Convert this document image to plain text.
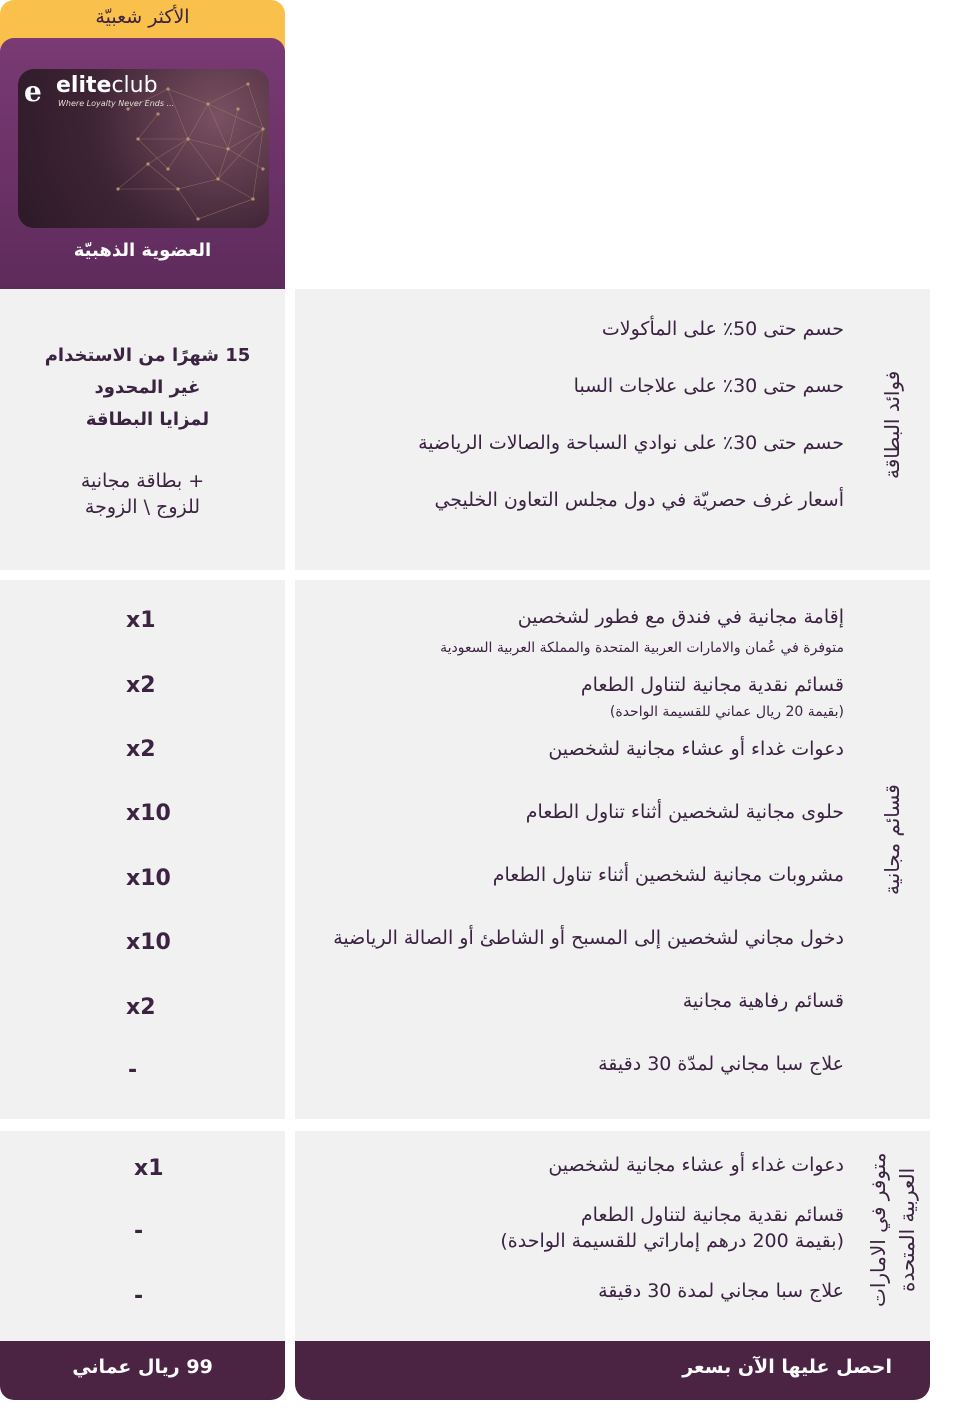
الأكثر شعبيّة
e eliteclub
Where Loyalty Never Ends ...
العضوية الذهبيّة
فوائد البطاقة
حسم حتى 50٪ على المأكولات
حسم حتى 30٪ على علاجات السبا
حسم حتى 30٪ على نوادي السباحة والصالات الرياضية
أسعار غرف حصريّة في دول مجلس التعاون الخليجي
15 شهرًا من الاستخدام
غير المحدود
لمزايا البطاقة
+ بطاقة مجانية
للزوج \ الزوجة
قسائم مجانية
إقامة مجانية في فندق مع فطور لشخصين
متوفرة في عُمان والامارات العربية المتحدة والمملكة العربية السعودية
x1
قسائم نقدية مجانية لتناول الطعام
(بقيمة 20 ريال عماني للقسيمة الواحدة)
x2
دعوات غداء أو عشاء مجانية لشخصين
x2
حلوى مجانية لشخصين أثناء تناول الطعام
x10
مشروبات مجانية لشخصين أثناء تناول الطعام
x10
دخول مجاني لشخصين إلى المسبح أو الشاطئ أو الصالة الرياضية
x10
قسائم رفاهية مجانية
x2
علاج سبا مجاني لمدّة 30 دقيقة
-
متوفر في الامارات العربية المتحدة
دعوات غداء أو عشاء مجانية لشخصين
x1
قسائم نقدية مجانية لتناول الطعام
(بقيمة 200 درهم إماراتي للقسيمة الواحدة)
-
علاج سبا مجاني لمدة 30 دقيقة
-
99 ريال عماني	احصل عليها الآن بسعر
